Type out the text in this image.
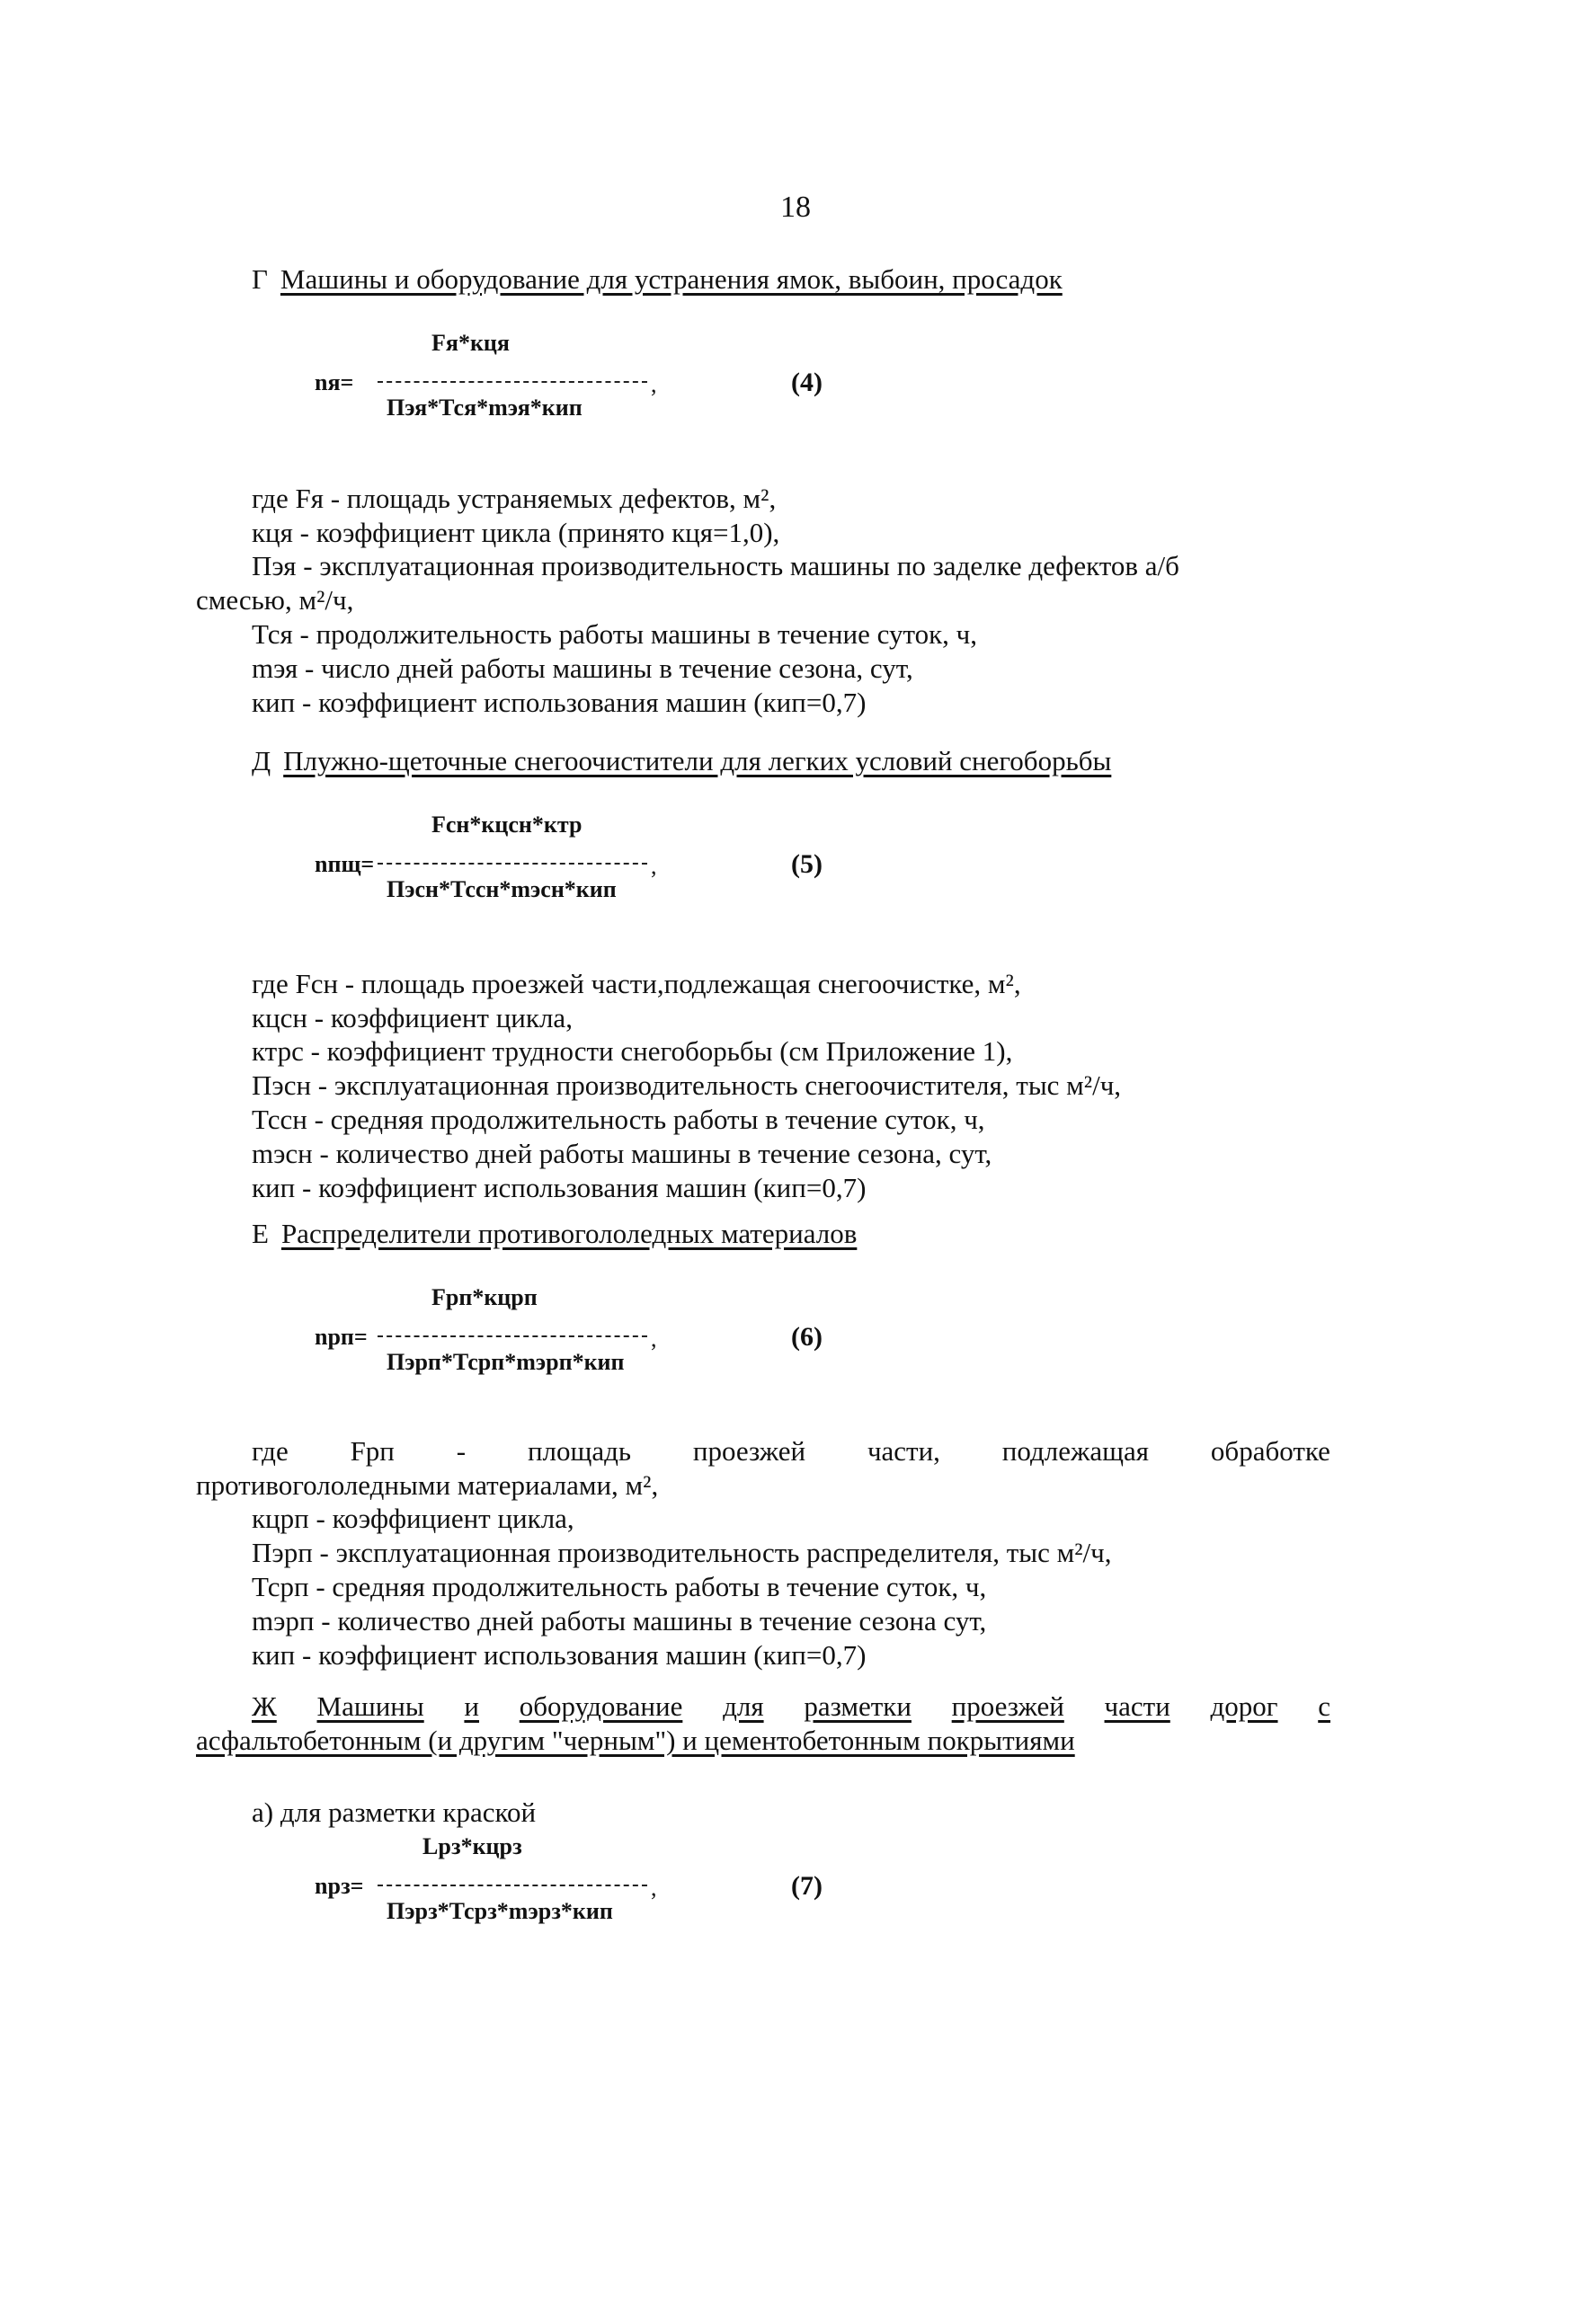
18

Г Машины и оборудование для устранения ямок, выбоин, просадок

nя=
Fя*кця
,
Пэя*Тся*mэя*кип
(4)
где Fя - площадь устраняемых дефектов, м²,
кця - коэффициент цикла (принято кця=1,0),
Пэя - эксплуатационная производительность машины по заделке дефектов а/б
смесью, м²/ч,
Тся - продолжительность работы машины в течение суток, ч,
mэя - число дней работы машины в течение сезона, сут,
кип - коэффициент использования машин (кип=0,7)

Д Плужно-щеточные снегоочистители для легких условий снегоборьбы

nпщ=
Fсн*кцсн*ктр
,
Пэсн*Тссн*mэсн*кип
(5)
где Fсн - площадь проезжей части,подлежащая снегоочистке, м²,
кцсн - коэффициент цикла,
ктрс - коэффициент трудности снегоборьбы (см Приложение 1),
Пэсн - эксплуатационная производительность снегоочистителя, тыс м²/ч,
Тссн - средняя продолжительность работы в течение суток, ч,
mэсн - количество дней работы машины в течение сезона, сут,
кип - коэффициент использования машин (кип=0,7)

Е Распределители противогололедных материалов

nрп=
Fрп*кцрп
,
Пэрп*Тсрп*mэрп*кип
(6)
где Fрп - площадь проезжей части, подлежащая обработке
противогололедными материалами, м²,
кцрп - коэффициент цикла,
Пэрп - эксплуатационная производительность распределителя, тыс м²/ч,
Тсрп - средняя продолжительность работы в течение суток, ч,
mэрп - количество дней работы машины в течение сезона сут,
кип - коэффициент использования машин (кип=0,7)
Ж Машины и оборудование для разметки проезжей части дорог с

асфальтобетонным (и другим "черным") и цементобетонным покрытиями

а) для разметки краской
nрз=
Lрз*кцрз
,
Пэрз*Тсрз*mэрз*кип
(7)
